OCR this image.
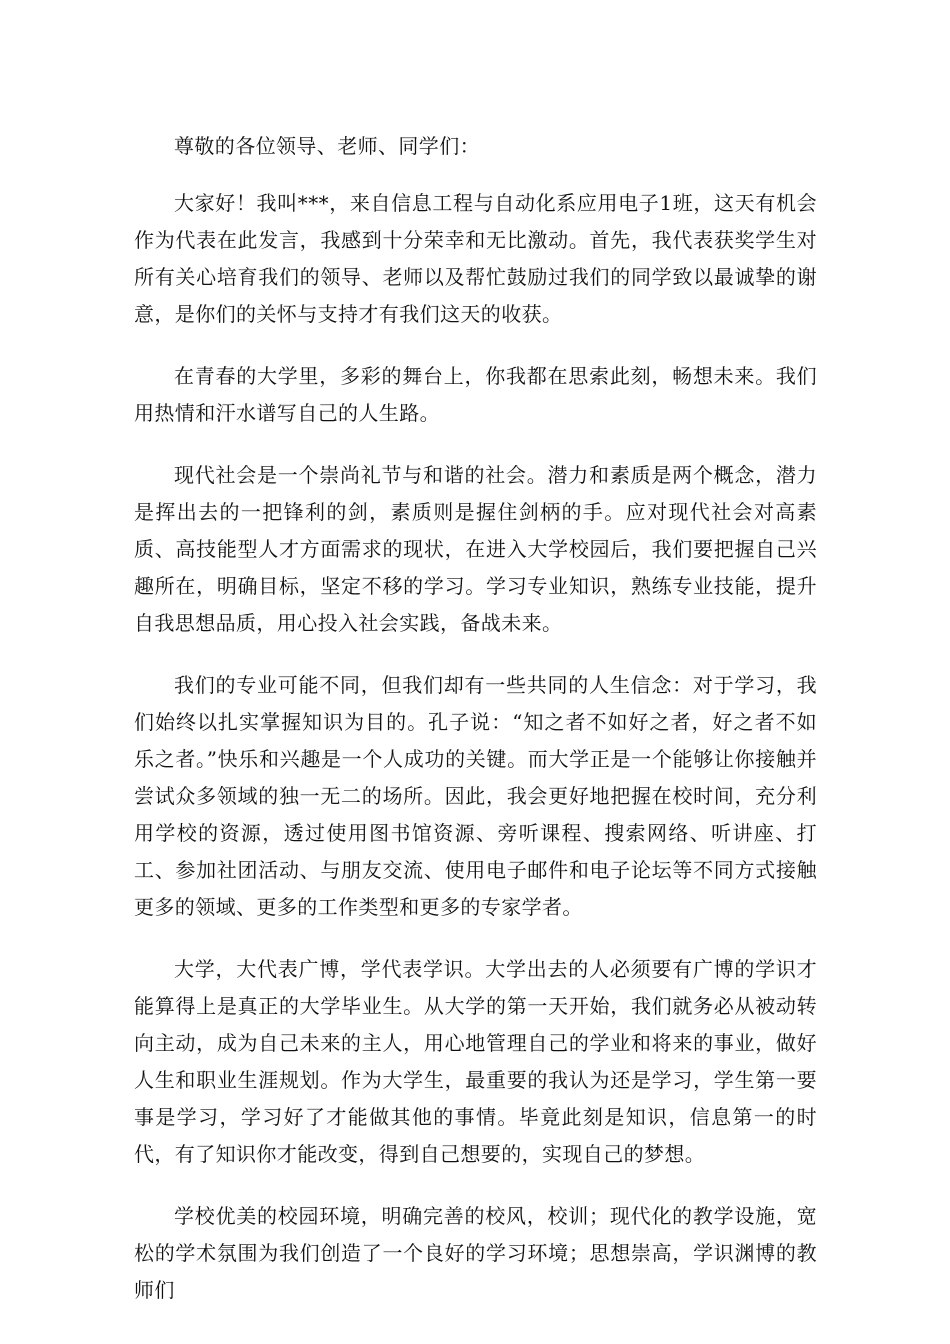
尊敬的各位领导、老师、同学们：

大家好！我叫***，来自信息工程与自动化系应用电子1班，这天有机会作为代表在此发言，我感到十分荣幸和无比激动。首先，我代表获奖学生对所有关心培育我们的领导、老师以及帮忙鼓励过我们的同学致以最诚挚的谢意，是你们的关怀与支持才有我们这天的收获。

在青春的大学里，多彩的舞台上，你我都在思索此刻，畅想未来。我们用热情和汗水谱写自己的人生路。

现代社会是一个崇尚礼节与和谐的社会。潜力和素质是两个概念，潜力是挥出去的一把锋利的剑，素质则是握住剑柄的手。应对现代社会对高素质、高技能型人才方面需求的现状，在进入大学校园后，我们要把握自己兴趣所在，明确目标，坚定不移的学习。学习专业知识，熟练专业技能，提升自我思想品质，用心投入社会实践，备战未来。

我们的专业可能不同，但我们却有一些共同的人生信念：对于学习，我们始终以扎实掌握知识为目的。孔子说：“知之者不如好之者，好之者不如乐之者。”快乐和兴趣是一个人成功的关键。而大学正是一个能够让你接触并尝试众多领域的独一无二的场所。因此，我会更好地把握在校时间，充分利用学校的资源，透过使用图书馆资源、旁听课程、搜索网络、听讲座、打工、参加社团活动、与朋友交流、使用电子邮件和电子论坛等不同方式接触更多的领域、更多的工作类型和更多的专家学者。

大学，大代表广博，学代表学识。大学出去的人必须要有广博的学识才能算得上是真正的大学毕业生。从大学的第一天开始，我们就务必从被动转向主动，成为自己未来的主人，用心地管理自己的学业和将来的事业，做好人生和职业生涯规划。作为大学生，最重要的我认为还是学习，学生第一要事是学习，学习好了才能做其他的事情。毕竟此刻是知识，信息第一的时代，有了知识你才能改变，得到自己想要的，实现自己的梦想。

学校优美的校园环境，明确完善的校风，校训；现代化的教学设施，宽松的学术氛围为我们创造了一个良好的学习环境；思想崇高，学识渊博的教师们
